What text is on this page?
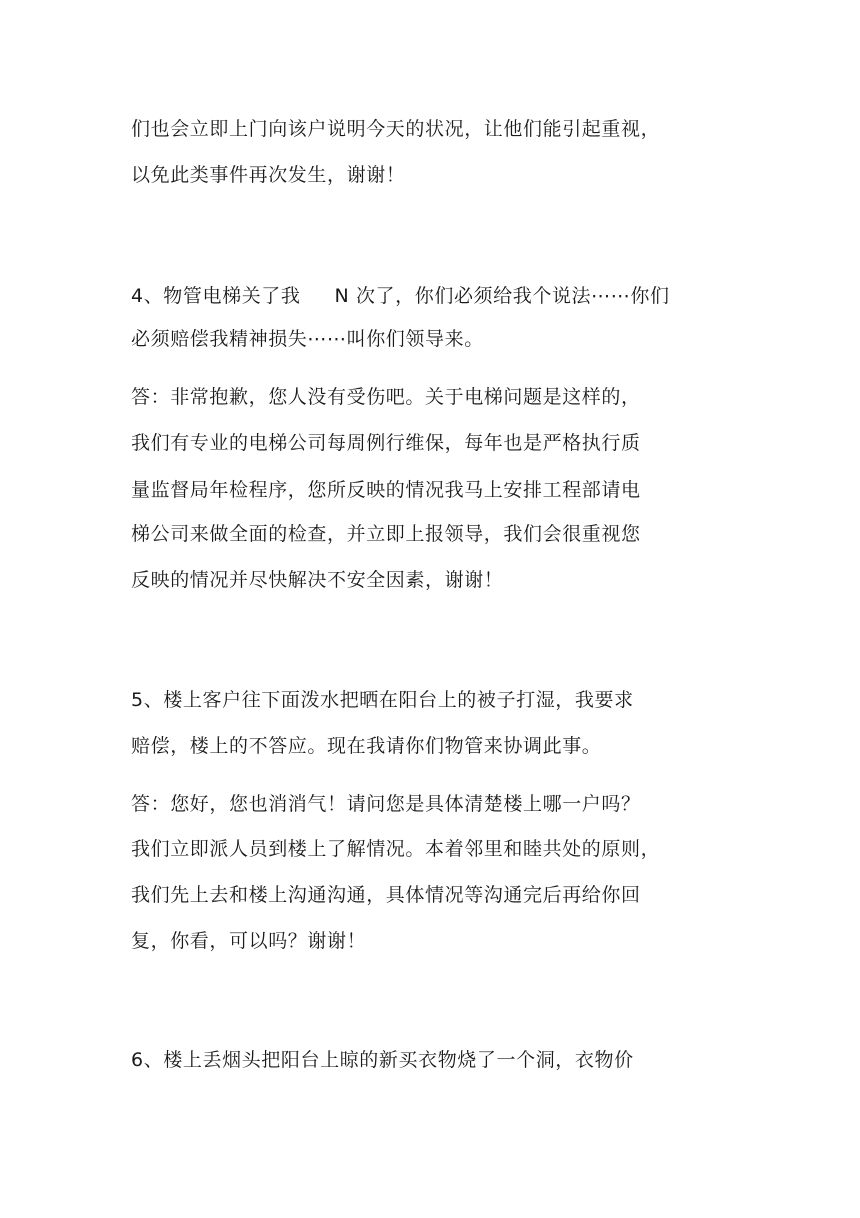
们也会立即上门向该户说明今天的状况，让他们能引起重视，
以免此类事件再次发生，谢谢！
4、物管电梯关了我 N 次了，你们必须给我个说法⋯⋯你们
必须赔偿我精神损失⋯⋯叫你们领导来。
答：非常抱歉，您人没有受伤吧。关于电梯问题是这样的，
我们有专业的电梯公司每周例行维保，每年也是严格执行质
量监督局年检程序，您所反映的情况我马上安排工程部请电
梯公司来做全面的检查，并立即上报领导，我们会很重视您
反映的情况并尽快解决不安全因素，谢谢！
5、楼上客户往下面泼水把晒在阳台上的被子打湿，我要求
赔偿，楼上的不答应。现在我请你们物管来协调此事。
答：您好，您也消消气！请问您是具体清楚楼上哪一户吗？
我们立即派人员到楼上了解情况。本着邻里和睦共处的原则，
我们先上去和楼上沟通沟通，具体情况等沟通完后再给你回
复，你看，可以吗？谢谢！
6、楼上丢烟头把阳台上晾的新买衣物烧了一个洞，衣物价
